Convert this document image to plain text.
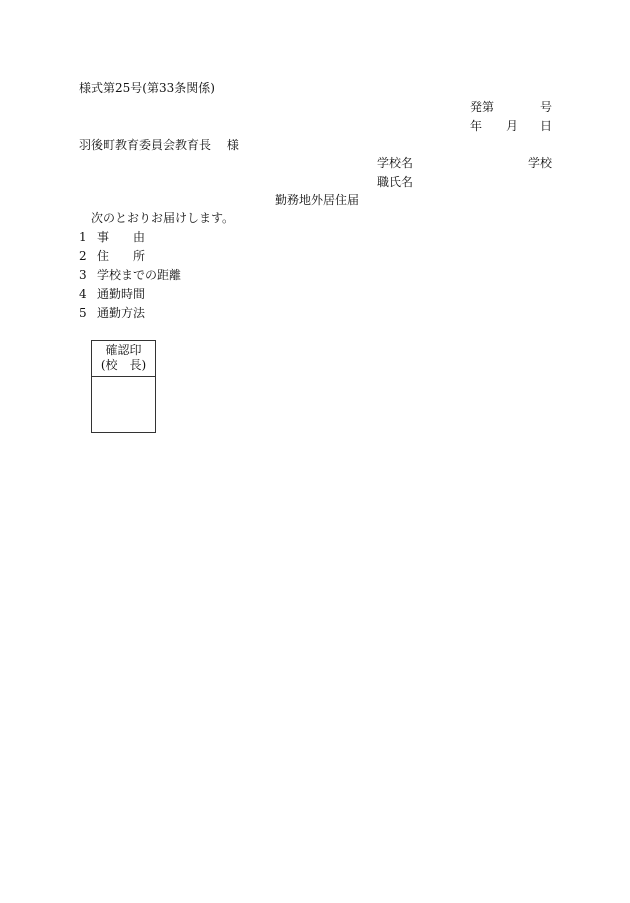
様式第25号(第33条関係)
発第	号
年 月 日
羽後町教育委員会教育長　 様
学校名	学校
職氏名
勤務地外居住届
次のとおりお届けします。
1 事　　由
2 住　　所
3 学校までの距離
4 通勤時間
5 通勤方法
確認印
(校　長)
